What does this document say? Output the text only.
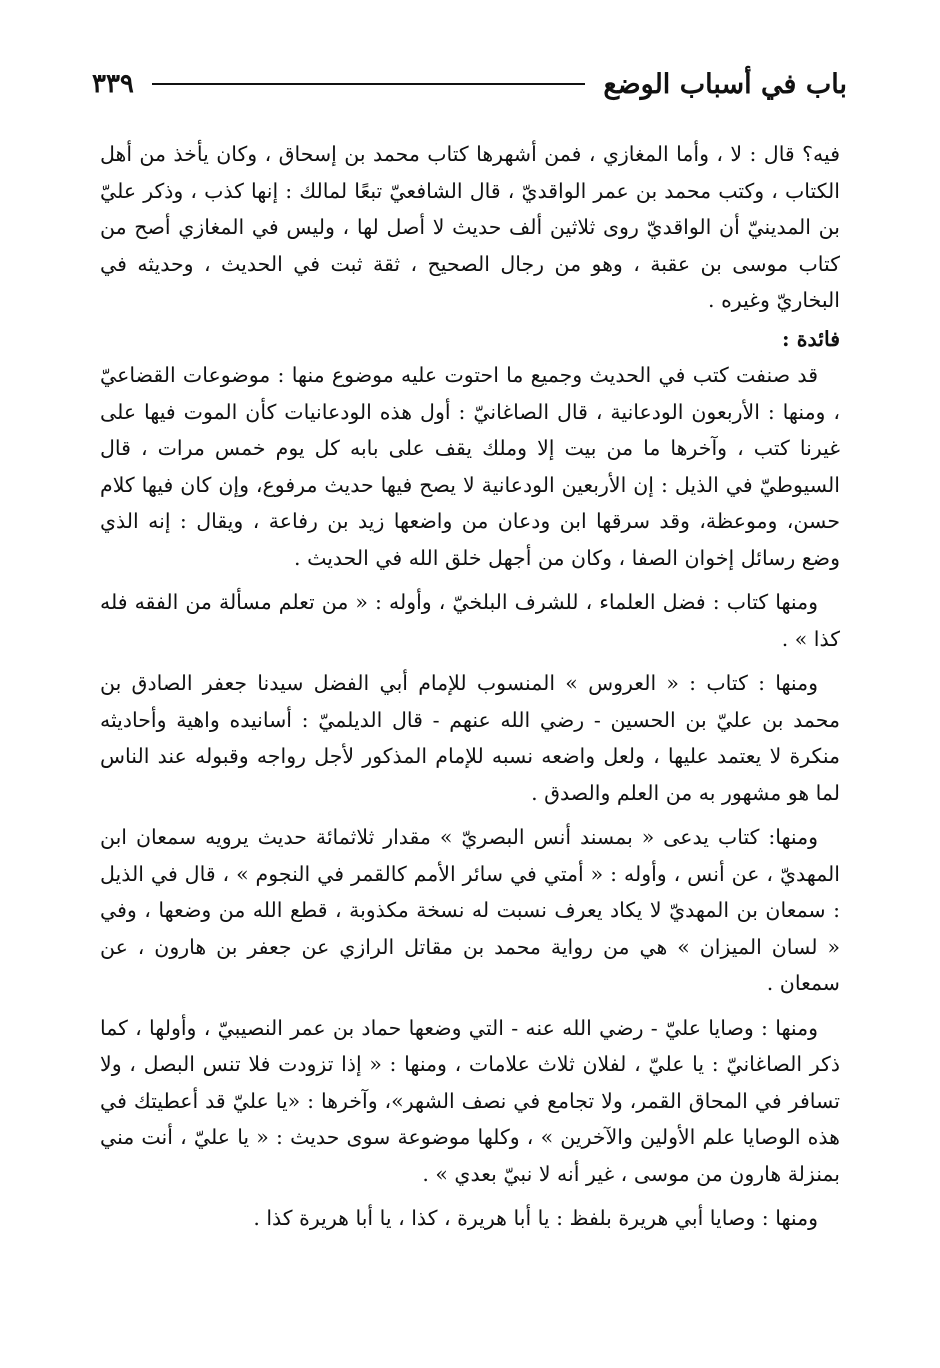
باب في أسباب الوضع
٣٣٩

فيه؟ قال : لا ، وأما المغازي ، فمن أشهرها كتاب محمد بن إسحاق ، وكان يأخذ من أهل الكتاب ، وكتب محمد بن عمر الواقديّ ، قال الشافعيّ تبعًا لمالك : إنها كذب ، وذكر عليّ بن المدينيّ أن الواقديّ روى ثلاثين ألف حديث لا أصل لها ، وليس في المغازي أصح من كتاب موسى بن عقبة ، وهو من رجال الصحيح ، ثقة ثبت في الحديث ، وحديثه في البخاريّ وغيره .

فائدة :

قد صنفت كتب في الحديث وجميع ما احتوت عليه موضوع منها : موضوعات القضاعيّ ، ومنها : الأربعون الودعانية ، قال الصاغانيّ : أول هذه الودعانيات كأن الموت فيها على غيرنا كتب ، وآخرها ما من بيت إلا وملك يقف على بابه كل يوم خمس مرات ، قال السيوطيّ في الذيل : إن الأربعين الودعانية لا يصح فيها حديث مرفوع، وإن كان فيها كلام حسن، وموعظة، وقد سرقها ابن ودعان من واضعها زيد بن رفاعة ، ويقال : إنه الذي وضع رسائل إخوان الصفا ، وكان من أجهل خلق الله في الحديث .

ومنها كتاب : فضل العلماء ، للشرف البلخيّ ، وأوله : « من تعلم مسألة من الفقه فله كذا » .

ومنها : كتاب : « العروس » المنسوب للإمام أبي الفضل سيدنا جعفر الصادق بن محمد بن عليّ بن الحسين - رضي الله عنهم - قال الديلميّ : أسانيده واهية وأحاديثه منكرة لا يعتمد عليها ، ولعل واضعه نسبه للإمام المذكور لأجل رواجه وقبوله عند الناس لما هو مشهور به من العلم والصدق .

ومنها: كتاب يدعى « بمسند أنس البصريّ » مقدار ثلاثمائة حديث يرويه سمعان ابن المهديّ ، عن أنس ، وأوله : « أمتي في سائر الأمم كالقمر في النجوم » ، قال في الذيل : سمعان بن المهديّ لا يكاد يعرف نسبت له نسخة مكذوبة ، قطع الله من وضعها ، وفي « لسان الميزان » هي من رواية محمد بن مقاتل الرازي عن جعفر بن هارون ، عن سمعان .

ومنها : وصايا عليّ - رضي الله عنه - التي وضعها حماد بن عمر النصيبيّ ، وأولها ، كما ذكر الصاغانيّ : يا عليّ ، لفلان ثلاث علامات ، ومنها : « إذا تزودت فلا تنس البصل ، ولا تسافر في المحاق القمر، ولا تجامع في نصف الشهر»، وآخرها : «يا عليّ قد أعطيتك في هذه الوصايا علم الأولين والآخرين » ، وكلها موضوعة سوى حديث : « يا عليّ ، أنت مني بمنزلة هارون من موسى ، غير أنه لا نبيّ بعدي » .

ومنها : وصايا أبي هريرة بلفظ : يا أبا هريرة ، كذا ، يا أبا هريرة كذا .
